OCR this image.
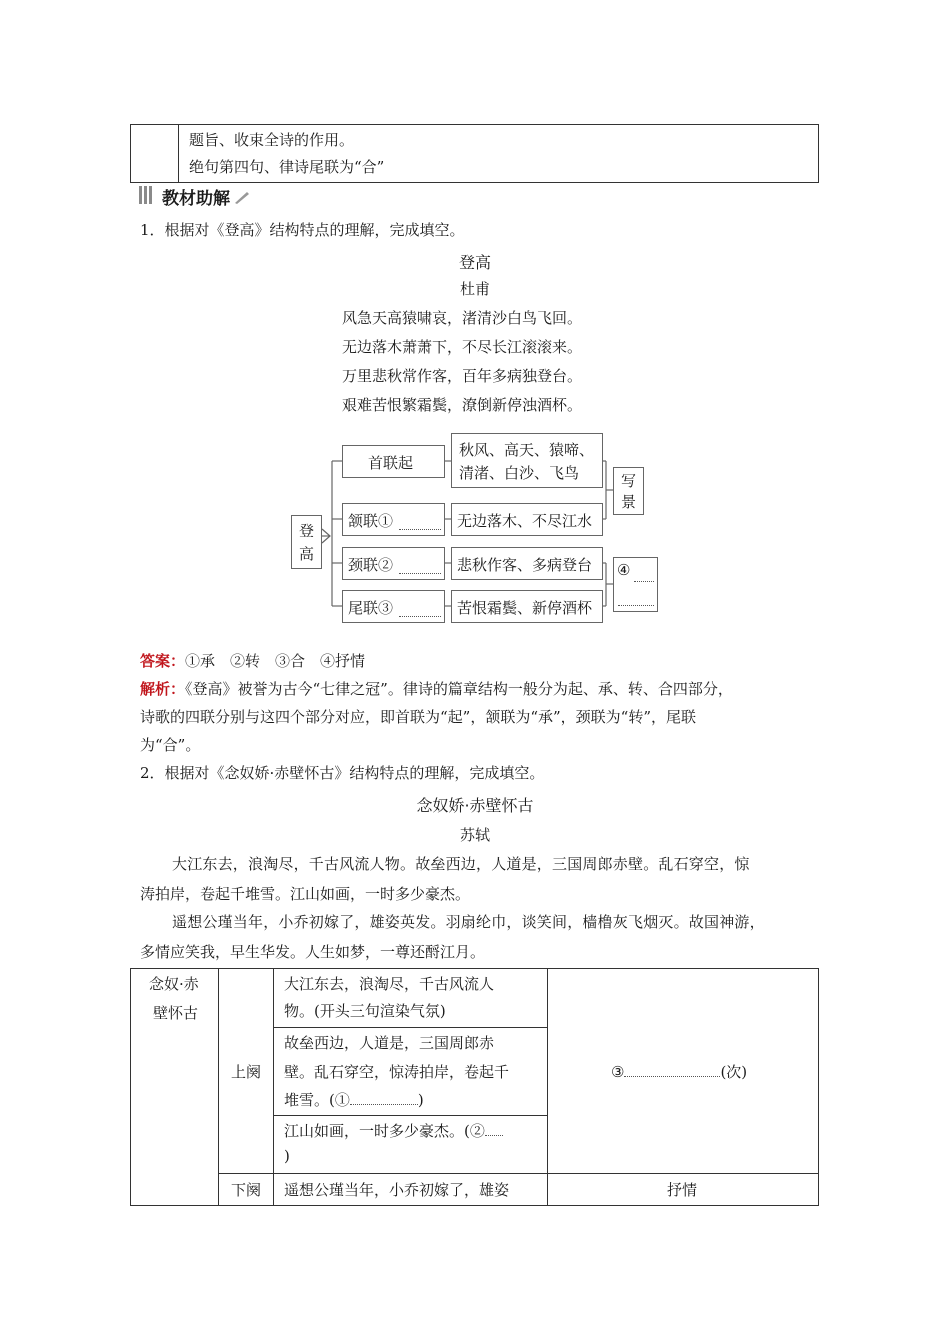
题旨、收束全诗的作用。
绝句第四句、律诗尾联为“合”
教材助解
1．根据对《登高》结构特点的理解，完成填空。
登高
杜甫
风急天高猿啸哀，渚清沙白鸟飞回。
无边落木萧萧下，不尽长江滚滚来。
万里悲秋常作客，百年多病独登台。
艰难苦恨繁霜鬓，潦倒新停浊酒杯。
登
高
首联起
颔联①
颈联②
尾联③
秋风、高天、猿啼、
清渚、白沙、飞鸟
无边落木、不尽江水
悲秋作客、多病登台
苦恨霜鬓、新停酒杯
写
景
④
答案：①承　②转　③合　④抒情
解析：《登高》被誉为古今“七律之冠”。律诗的篇章结构一般分为起、承、转、合四部分，
诗歌的四联分别与这四个部分对应，即首联为“起”，颔联为“承”，颈联为“转”，尾联
为“合”。
2．根据对《念奴娇·赤壁怀古》结构特点的理解，完成填空。
念奴娇·赤壁怀古
苏轼
大江东去，浪淘尽，千古风流人物。故垒西边，人道是，三国周郎赤壁。乱石穿空，惊
涛拍岸，卷起千堆雪。江山如画，一时多少豪杰。
遥想公瑾当年，小乔初嫁了，雄姿英发。羽扇纶巾，谈笑间，樯橹灰飞烟灭。故国神游，
多情应笑我，早生华发。人生如梦，一尊还酹江月。
念奴·赤
壁怀古
上阕
下阕
大江东去，浪淘尽，千古风流人
物。(开头三句渲染气氛)
故垒西边，人道是，三国周郎赤
壁。乱石穿空，惊涛拍岸，卷起千
堆雪。(①	)
江山如画，一时多少豪杰。(②
)
遥想公瑾当年，小乔初嫁了，雄姿
③	(次)
抒情
